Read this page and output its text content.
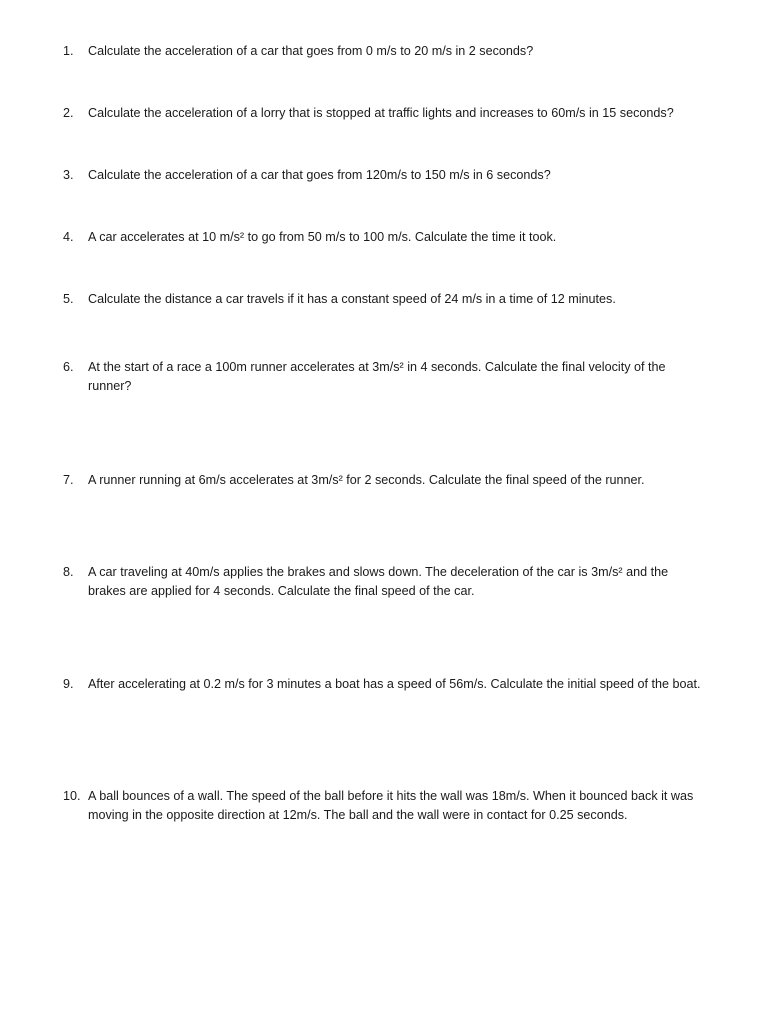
1.	Calculate the acceleration of a car that goes from 0 m/s to 20 m/s in 2 seconds?
2.	Calculate the acceleration of a lorry that is stopped at traffic lights and increases to 60m/s in 15 seconds?
3.	Calculate the acceleration of a car that goes from 120m/s to 150 m/s in 6 seconds?
4.	A car accelerates at 10 m/s² to go from 50 m/s to 100 m/s. Calculate the time it took.
5.	Calculate the distance a car travels if it has a constant speed of 24 m/s in a time of 12 minutes.
6.	At the start of a race a 100m runner accelerates at 3m/s² in 4 seconds. Calculate the final velocity of the runner?
7.	A runner running at 6m/s accelerates at 3m/s² for 2 seconds. Calculate the final speed of the runner.
8.	A car traveling at 40m/s applies the brakes and slows down. The deceleration of the car is 3m/s² and the brakes are applied for 4 seconds. Calculate the final speed of the car.
9.	After accelerating at 0.2 m/s for 3 minutes a boat has a speed of 56m/s. Calculate the initial speed of the boat.
10. A ball bounces of a wall. The speed of the ball before it hits the wall was 18m/s. When it bounced back it was moving in the opposite direction at 12m/s. The ball and the wall were in contact for 0.25 seconds.
